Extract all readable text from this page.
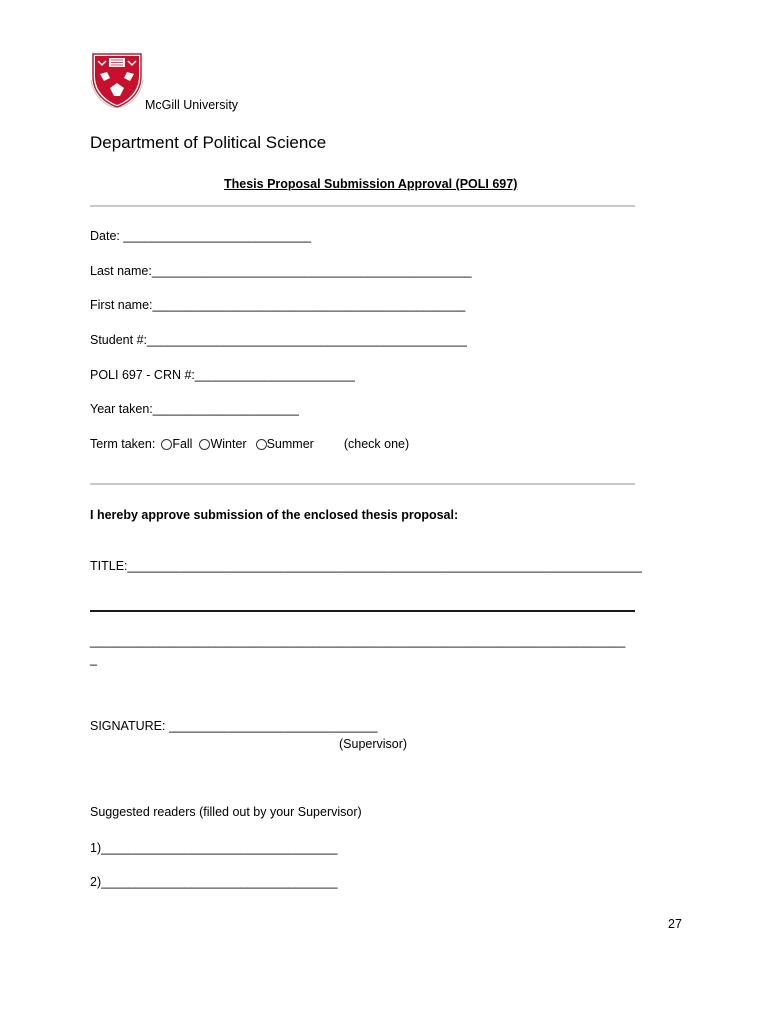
McGill University
Department of Political Science
Thesis Proposal Submission Approval (POLI 697)
Date: ___________________________
Last name:______________________________________________
First name:_____________________________________________
Student #:______________________________________________
POLI 697 - CRN #:_______________________
Year taken:_____________________
Term taken: Fall Winter Summer (check one)
I hereby approve submission of the enclosed thesis proposal:
TITLE:__________________________________________________________________________
_____________________________________________________________________________
_
SIGNATURE: ______________________________
(Supervisor)
Suggested readers (filled out by your Supervisor)
1)__________________________________
2)__________________________________
27
